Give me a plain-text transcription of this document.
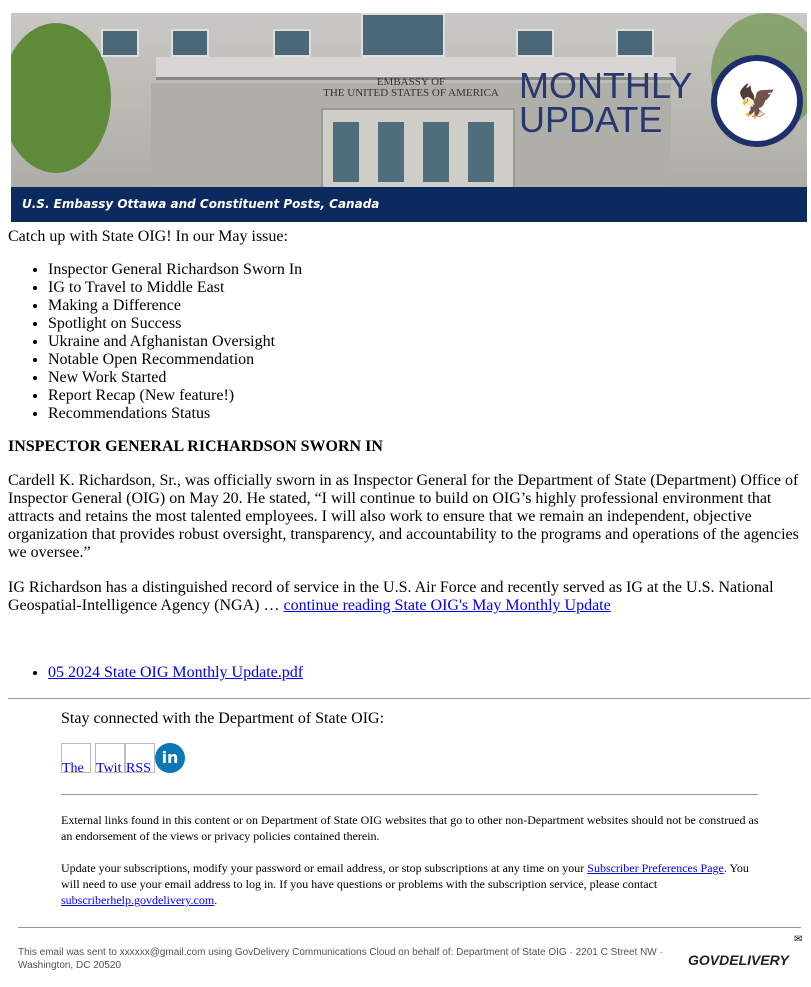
EMBASSY OF
THE UNITED STATES OF AMERICA MONTHLY
UPDATE	🦅
U.S. Embassy Ottawa and Constituent Posts, Canada
Catch up with State OIG! In our May issue:
• Inspector General Richardson Sworn In
• IG to Travel to Middle East
• Making a Difference
• Spotlight on Success
• Ukraine and Afghanistan Oversight
• Notable Open Recommendation
• New Work Started
• Report Recap (New feature!)
• Recommendations Status
INSPECTOR GENERAL RICHARDSON SWORN IN
Cardell K. Richardson, Sr., was officially sworn in as Inspector General for the Department of State (Department) Office of Inspector General (OIG) on May 20. He stated, “I will continue to build on OIG’s highly professional environment that attracts and retains the most talented employees. I will also work to ensure that we remain an independent, objective organization that provides robust oversight, transparency, and accountability to the programs and operations of the agencies we oversee.”
IG Richardson has a distinguished record of service in the U.S. Air Force and recently served as IG at the U.S. National Geospatial-Intelligence Agency (NGA) … continue reading State OIG's May Monthly Update
• 05 2024 State OIG Monthly Update.pdf
Stay connected with the Department of State OIG:
The Twit RSSin
External links found in this content or on Department of State OIG websites that go to other non-Department websites should not be construed as an endorsement of the views or privacy policies contained therein.
Update your subscriptions, modify your password or email address, or stop subscriptions at any time on your Subscriber Preferences Page. You will need to use your email address to log in. If you have questions or problems with the subscription service, please contact subscriberhelp.govdelivery.com.
This email was sent to xxxxxx@gmail.com using GovDelivery Communications Cloud on behalf of: Department of State OIG · 2201 C Street NW · Washington, DC 20520	GOVDELIVERY
✉
